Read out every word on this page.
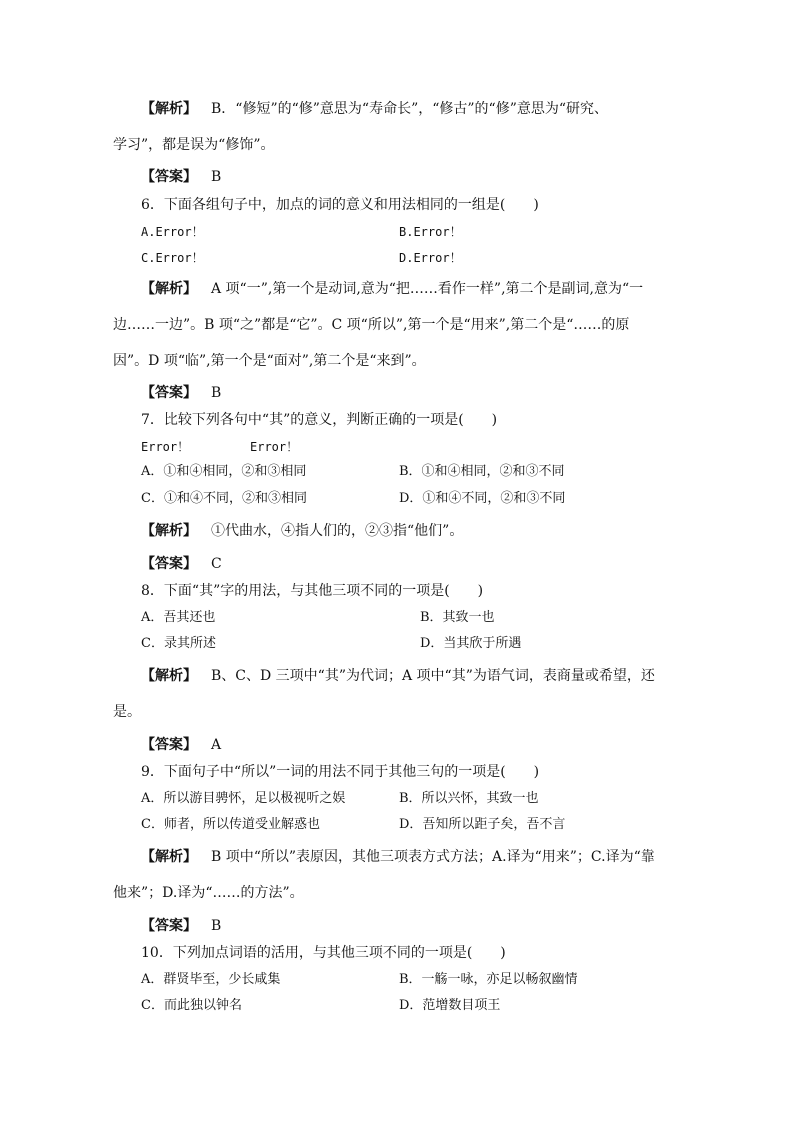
【解析】 B．“修短”的“修”意思为“寿命长”，“修古”的“修”意思为“研究、
学习”，都是误为“修饰”。
【答案】 B
6．下面各组句子中，加点的词的意义和用法相同的一组是(　　)
A.Error！	B.Error！
C.Error！	D.Error！
【解析】 A 项“一”,第一个是动词,意为“把……看作一样”,第二个是副词,意为“一
边……一边”。B 项“之”都是“它”。C 项“所以”,第一个是“用来”,第二个是“……的原
因”。D 项“临”,第一个是“面对”,第二个是“来到”。
【答案】 B
7．比较下列各句中“其”的意义，判断正确的一项是(　　)
Error！	Error！
A．①和④相同，②和③相同	B．①和④相同，②和③不同
C．①和④不同，②和③相同	D．①和④不同，②和③不同
【解析】 ①代曲水，④指人们的，②③指“他们”。
【答案】 C
8．下面“其”字的用法，与其他三项不同的一项是(　　)
A．吾其还也	B．其致一也
C．录其所述	D．当其欣于所遇
【解析】 B、C、D 三项中“其”为代词；A 项中“其”为语气词，表商量或希望，还
是。
【答案】 A
9．下面句子中“所以”一词的用法不同于其他三句的一项是(　　)
A．所以游目骋怀，足以极视听之娱	B．所以兴怀，其致一也
C．师者，所以传道受业解惑也	D．吾知所以距子矣，吾不言
【解析】 B 项中“所以”表原因，其他三项表方式方法；A.译为“用来”；C.译为“靠
他来”；D.译为“……的方法”。
【答案】 B
10．下列加点词语的活用，与其他三项不同的一项是(　　)
A．群贤毕至，少长咸集	B．一觞一咏，亦足以畅叙幽情
C．而此独以钟名	D．范增数目项王
